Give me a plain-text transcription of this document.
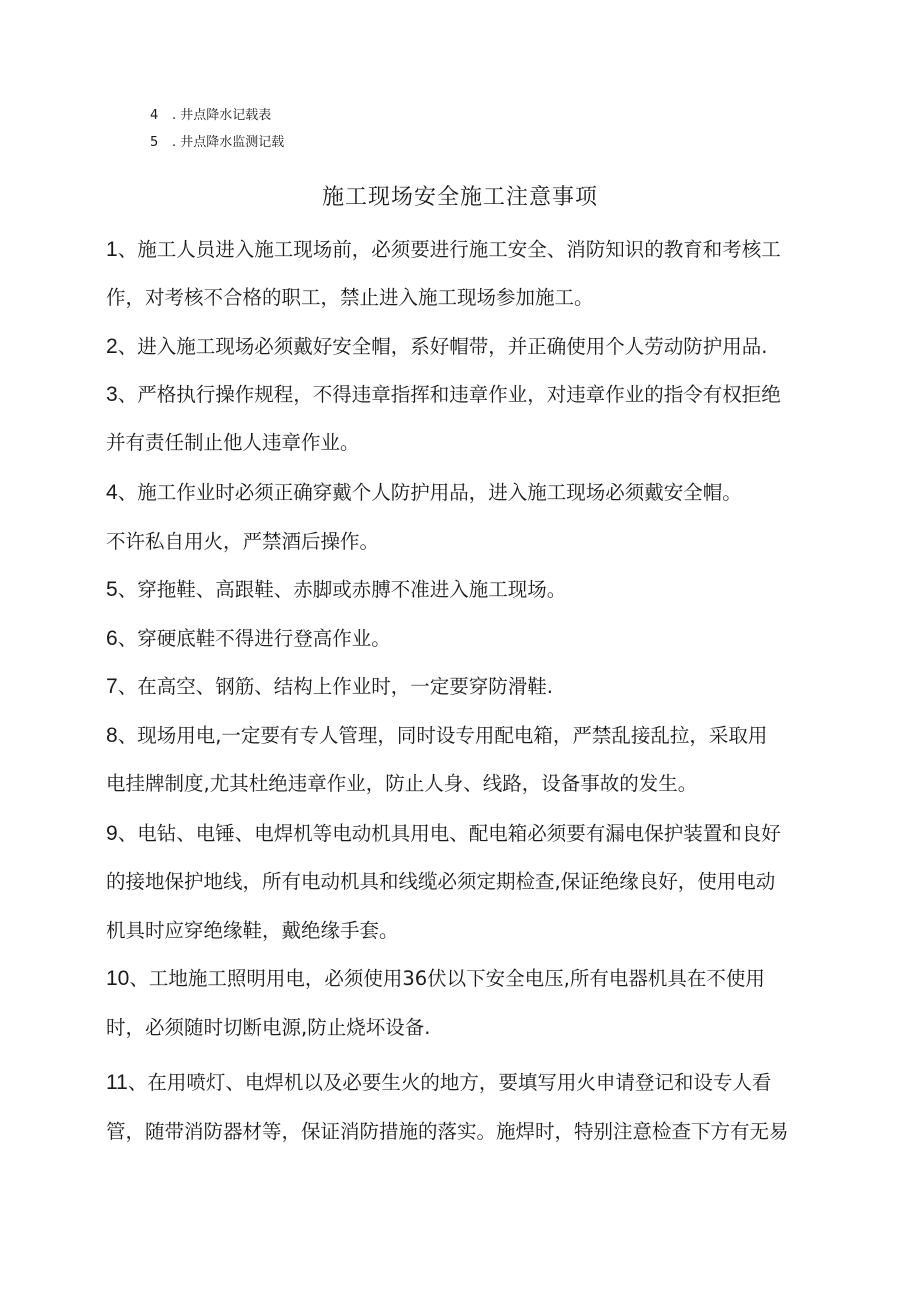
4 . 井点降水记载表
5 . 井点降水监测记载
施工现场安全施工注意事项
1、施工人员进入施工现场前，必须要进行施工安全、消防知识的教育和考核工
作，对考核不合格的职工，禁止进入施工现场参加施工。
2、进入施工现场必须戴好安全帽，系好帽带，并正确使用个人劳动防护用品.
3、严格执行操作规程，不得违章指挥和违章作业，对违章作业的指令有权拒绝
并有责任制止他人违章作业。
4、施工作业时必须正确穿戴个人防护用品，进入施工现场必须戴安全帽。
不许私自用火，严禁酒后操作。
5、穿拖鞋、高跟鞋、赤脚或赤膊不准进入施工现场。
6、穿硬底鞋不得进行登高作业。
7、在高空、钢筋、结构上作业时，一定要穿防滑鞋.
8、现场用电,一定要有专人管理，同时设专用配电箱，严禁乱接乱拉，采取用
电挂牌制度,尤其杜绝违章作业，防止人身、线路，设备事故的发生。
9、电钻、电锤、电焊机等电动机具用电、配电箱必须要有漏电保护装置和良好
的接地保护地线，所有电动机具和线缆必须定期检查,保证绝缘良好，使用电动
机具时应穿绝缘鞋，戴绝缘手套。
10、工地施工照明用电，必须使用36伏以下安全电压,所有电器机具在不使用
时，必须随时切断电源,防止烧坏设备.
11、在用喷灯、电焊机以及必要生火的地方，要填写用火申请登记和设专人看
管，随带消防器材等，保证消防措施的落实。施焊时，特别注意检查下方有无易
